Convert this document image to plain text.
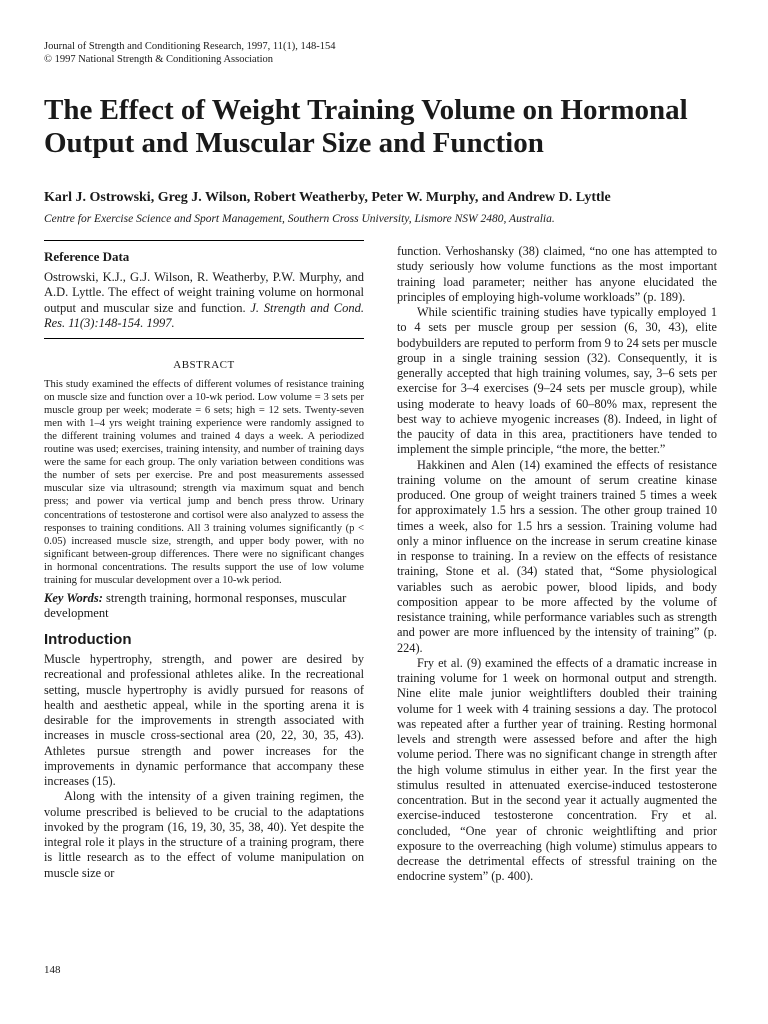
Journal of Strength and Conditioning Research, 1997, 11(1), 148-154
© 1997 National Strength & Conditioning Association
The Effect of Weight Training Volume on Hormonal Output and Muscular Size and Function
Karl J. Ostrowski, Greg J. Wilson, Robert Weatherby, Peter W. Murphy, and Andrew D. Lyttle
Centre for Exercise Science and Sport Management, Southern Cross University, Lismore NSW 2480, Australia.
Reference Data
Ostrowski, K.J., G.J. Wilson, R. Weatherby, P.W. Murphy, and A.D. Lyttle. The effect of weight training volume on hormonal output and muscular size and function. J. Strength and Cond. Res. 11(3):148-154. 1997.
ABSTRACT

This study examined the effects of different volumes of resistance training on muscle size and function over a 10-wk period. Low volume = 3 sets per muscle group per week; moderate = 6 sets; high = 12 sets. Twenty-seven men with 1–4 yrs weight training experience were randomly assigned to the different training volumes and trained 4 days a week. A periodized routine was used; exercises, training intensity, and number of training days were the same for each group. The only variation between conditions was the number of sets per exercise. Pre and post measurements assessed muscular size via ultrasound; strength via maximum squat and bench press; and power via vertical jump and bench press throw. Urinary concentrations of testosterone and cortisol were also analyzed to assess the responses to training conditions. All 3 training volumes significantly (p < 0.05) increased muscle size, strength, and upper body power, with no significant between-group differences. There were no significant changes in hormonal concentrations. The results support the use of low volume training for muscular development over a 10-wk period.

Key Words: strength training, hormonal responses, muscular development
Introduction

Muscle hypertrophy, strength, and power are desired by recreational and professional athletes alike. In the recreational setting, muscle hypertrophy is avidly pursued for reasons of health and aesthetic appeal, while in the sporting arena it is desirable for the improvements in strength associated with increases in muscle cross-sectional area (20, 22, 30, 35, 43). Athletes pursue strength and power increases for the improvements in dynamic performance that accompany these increases (15).

Along with the intensity of a given training regimen, the volume prescribed is believed to be crucial to the adaptations invoked by the program (16, 19, 30, 35, 38, 40). Yet despite the integral role it plays in the structure of a training program, there is little research as to the effect of volume manipulation on muscle size or

function. Verhoshansky (38) claimed, “no one has attempted to study seriously how volume functions as the most important training load parameter; neither has anyone elucidated the principles of employing high-volume workloads” (p. 189).

While scientific training studies have typically employed 1 to 4 sets per muscle group per session (6, 30, 43), elite bodybuilders are reputed to perform from 9 to 24 sets per muscle group in a single training session (32). Consequently, it is generally accepted that high training volumes, say, 3–6 sets per exercise for 3–4 exercises (9–24 sets per muscle group), while using moderate to heavy loads of 60–80% max, represent the best way to achieve myogenic increases (8). Indeed, in light of the paucity of data in this area, practitioners have tended to implement the simple principle, “the more, the better.”

Hakkinen and Alen (14) examined the effects of resistance training volume on the amount of serum creatine kinase produced. One group of weight trainers trained 5 times a week for approximately 1.5 hrs a session. The other group trained 10 times a week, also for 1.5 hrs a session. Training volume had only a minor influence on the increase in serum creatine kinase in response to training. In a review on the effects of resistance training, Stone et al. (34) stated that, “Some physiological variables such as aerobic power, blood lipids, and body composition appear to be more affected by the volume of resistance training, while performance variables such as strength and power are more influenced by the intensity of training” (p. 224).

Fry et al. (9) examined the effects of a dramatic increase in training volume for 1 week on hormonal output and strength. Nine elite male junior weightlifters doubled their training volume for 1 week with 4 training sessions a day. The protocol was repeated after a further year of training. Resting hormonal levels and strength were assessed before and after the high volume period. There was no significant change in strength after the high volume stimulus in either year. In the first year the stimulus resulted in attenuated exercise-induced testosterone concentration. But in the second year it actually augmented the exercise-induced testosterone concentration. Fry et al. concluded, “One year of chronic weightlifting and prior exposure to the overreaching (high volume) stimulus appears to decrease the detrimental effects of stressful training on the endocrine system” (p. 400).

148
